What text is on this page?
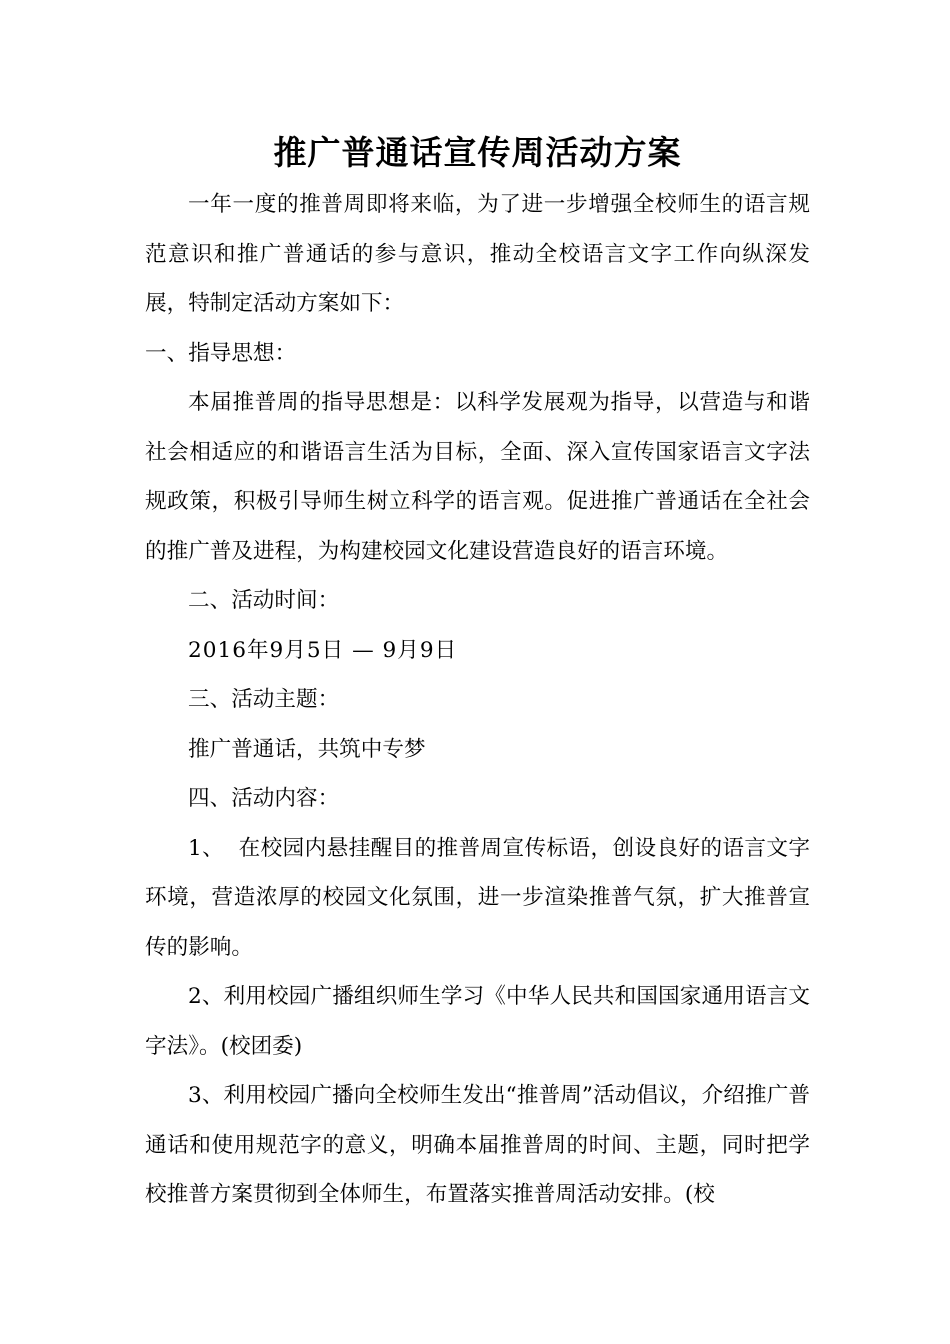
推广普通话宣传周活动方案

一年一度的推普周即将来临，为了进一步增强全校师生的语言规范意识和推广普通话的参与意识，推动全校语言文字工作向纵深发展，特制定活动方案如下：

一、指导思想：

本届推普周的指导思想是：以科学发展观为指导，以营造与和谐社会相适应的和谐语言生活为目标，全面、深入宣传国家语言文字法规政策，积极引导师生树立科学的语言观。促进推广普通话在全社会的推广普及进程，为构建校园文化建设营造良好的语言环境。

二、活动时间：

2016年9月5日 — 9月9日

三、活动主题：

推广普通话，共筑中专梦

四、活动内容：

1、  在校园内悬挂醒目的推普周宣传标语，创设良好的语言文字环境，营造浓厚的校园文化氛围，进一步渲染推普气氛，扩大推普宣传的影响。

2、利用校园广播组织师生学习《中华人民共和国国家通用语言文字法》。(校团委)

3、利用校园广播向全校师生发出“推普周”活动倡议，介绍推广普通话和使用规范字的意义，明确本届推普周的时间、主题，同时把学校推普方案贯彻到全体师生，布置落实推普周活动安排。(校
